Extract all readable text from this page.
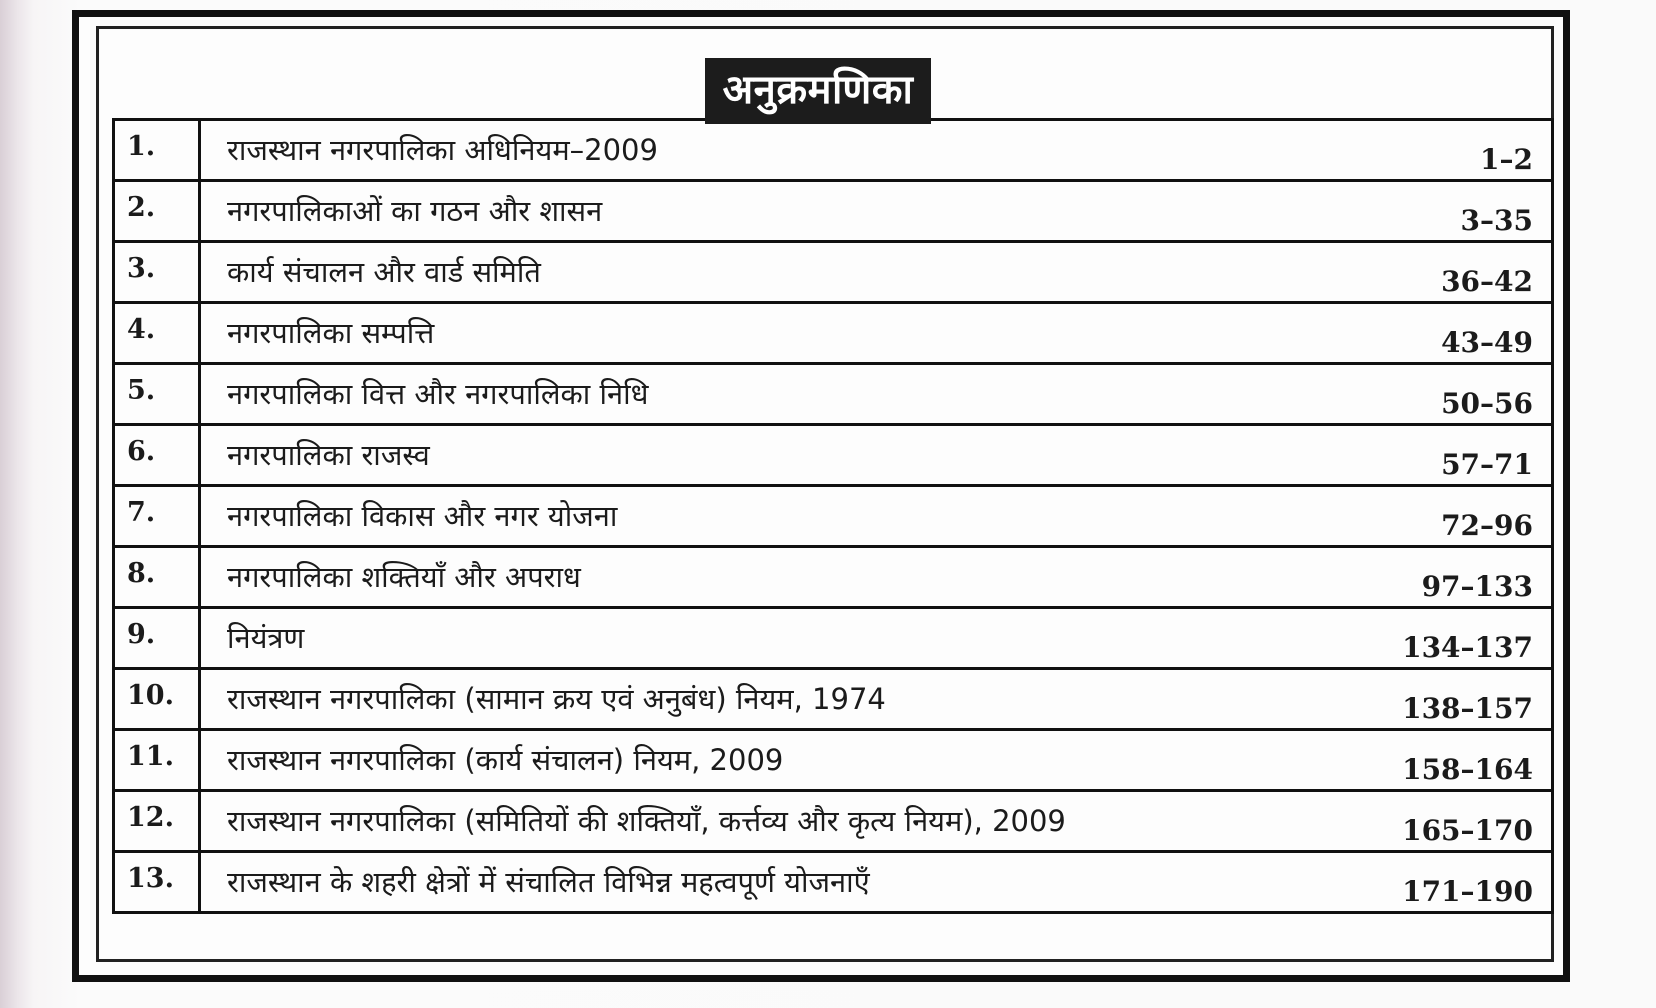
अनुक्रमणिका
1.	राजस्थान नगरपालिका अधिनियम–2009	1–2
2.	नगरपालिकाओं का गठन और शासन	3–35
3.	कार्य संचालन और वार्ड समिति	36–42
4.	नगरपालिका सम्पत्ति	43–49
5.	नगरपालिका वित्त और नगरपालिका निधि	50–56
6.	नगरपालिका राजस्व	57–71
7.	नगरपालिका विकास और नगर योजना	72–96
8.	नगरपालिका शक्तियाँ और अपराध	97–133
9.	नियंत्रण	134–137
10.	राजस्थान नगरपालिका (सामान क्रय एवं अनुबंध) नियम, 1974	138–157
11.	राजस्थान नगरपालिका (कार्य संचालन) नियम, 2009	158–164
12.	राजस्थान नगरपालिका (समितियों की शक्तियाँ, कर्त्तव्य और कृत्य नियम), 2009	165–170
13.	राजस्थान के शहरी क्षेत्रों में संचालित विभिन्न महत्वपूर्ण योजनाएँ	171–190
